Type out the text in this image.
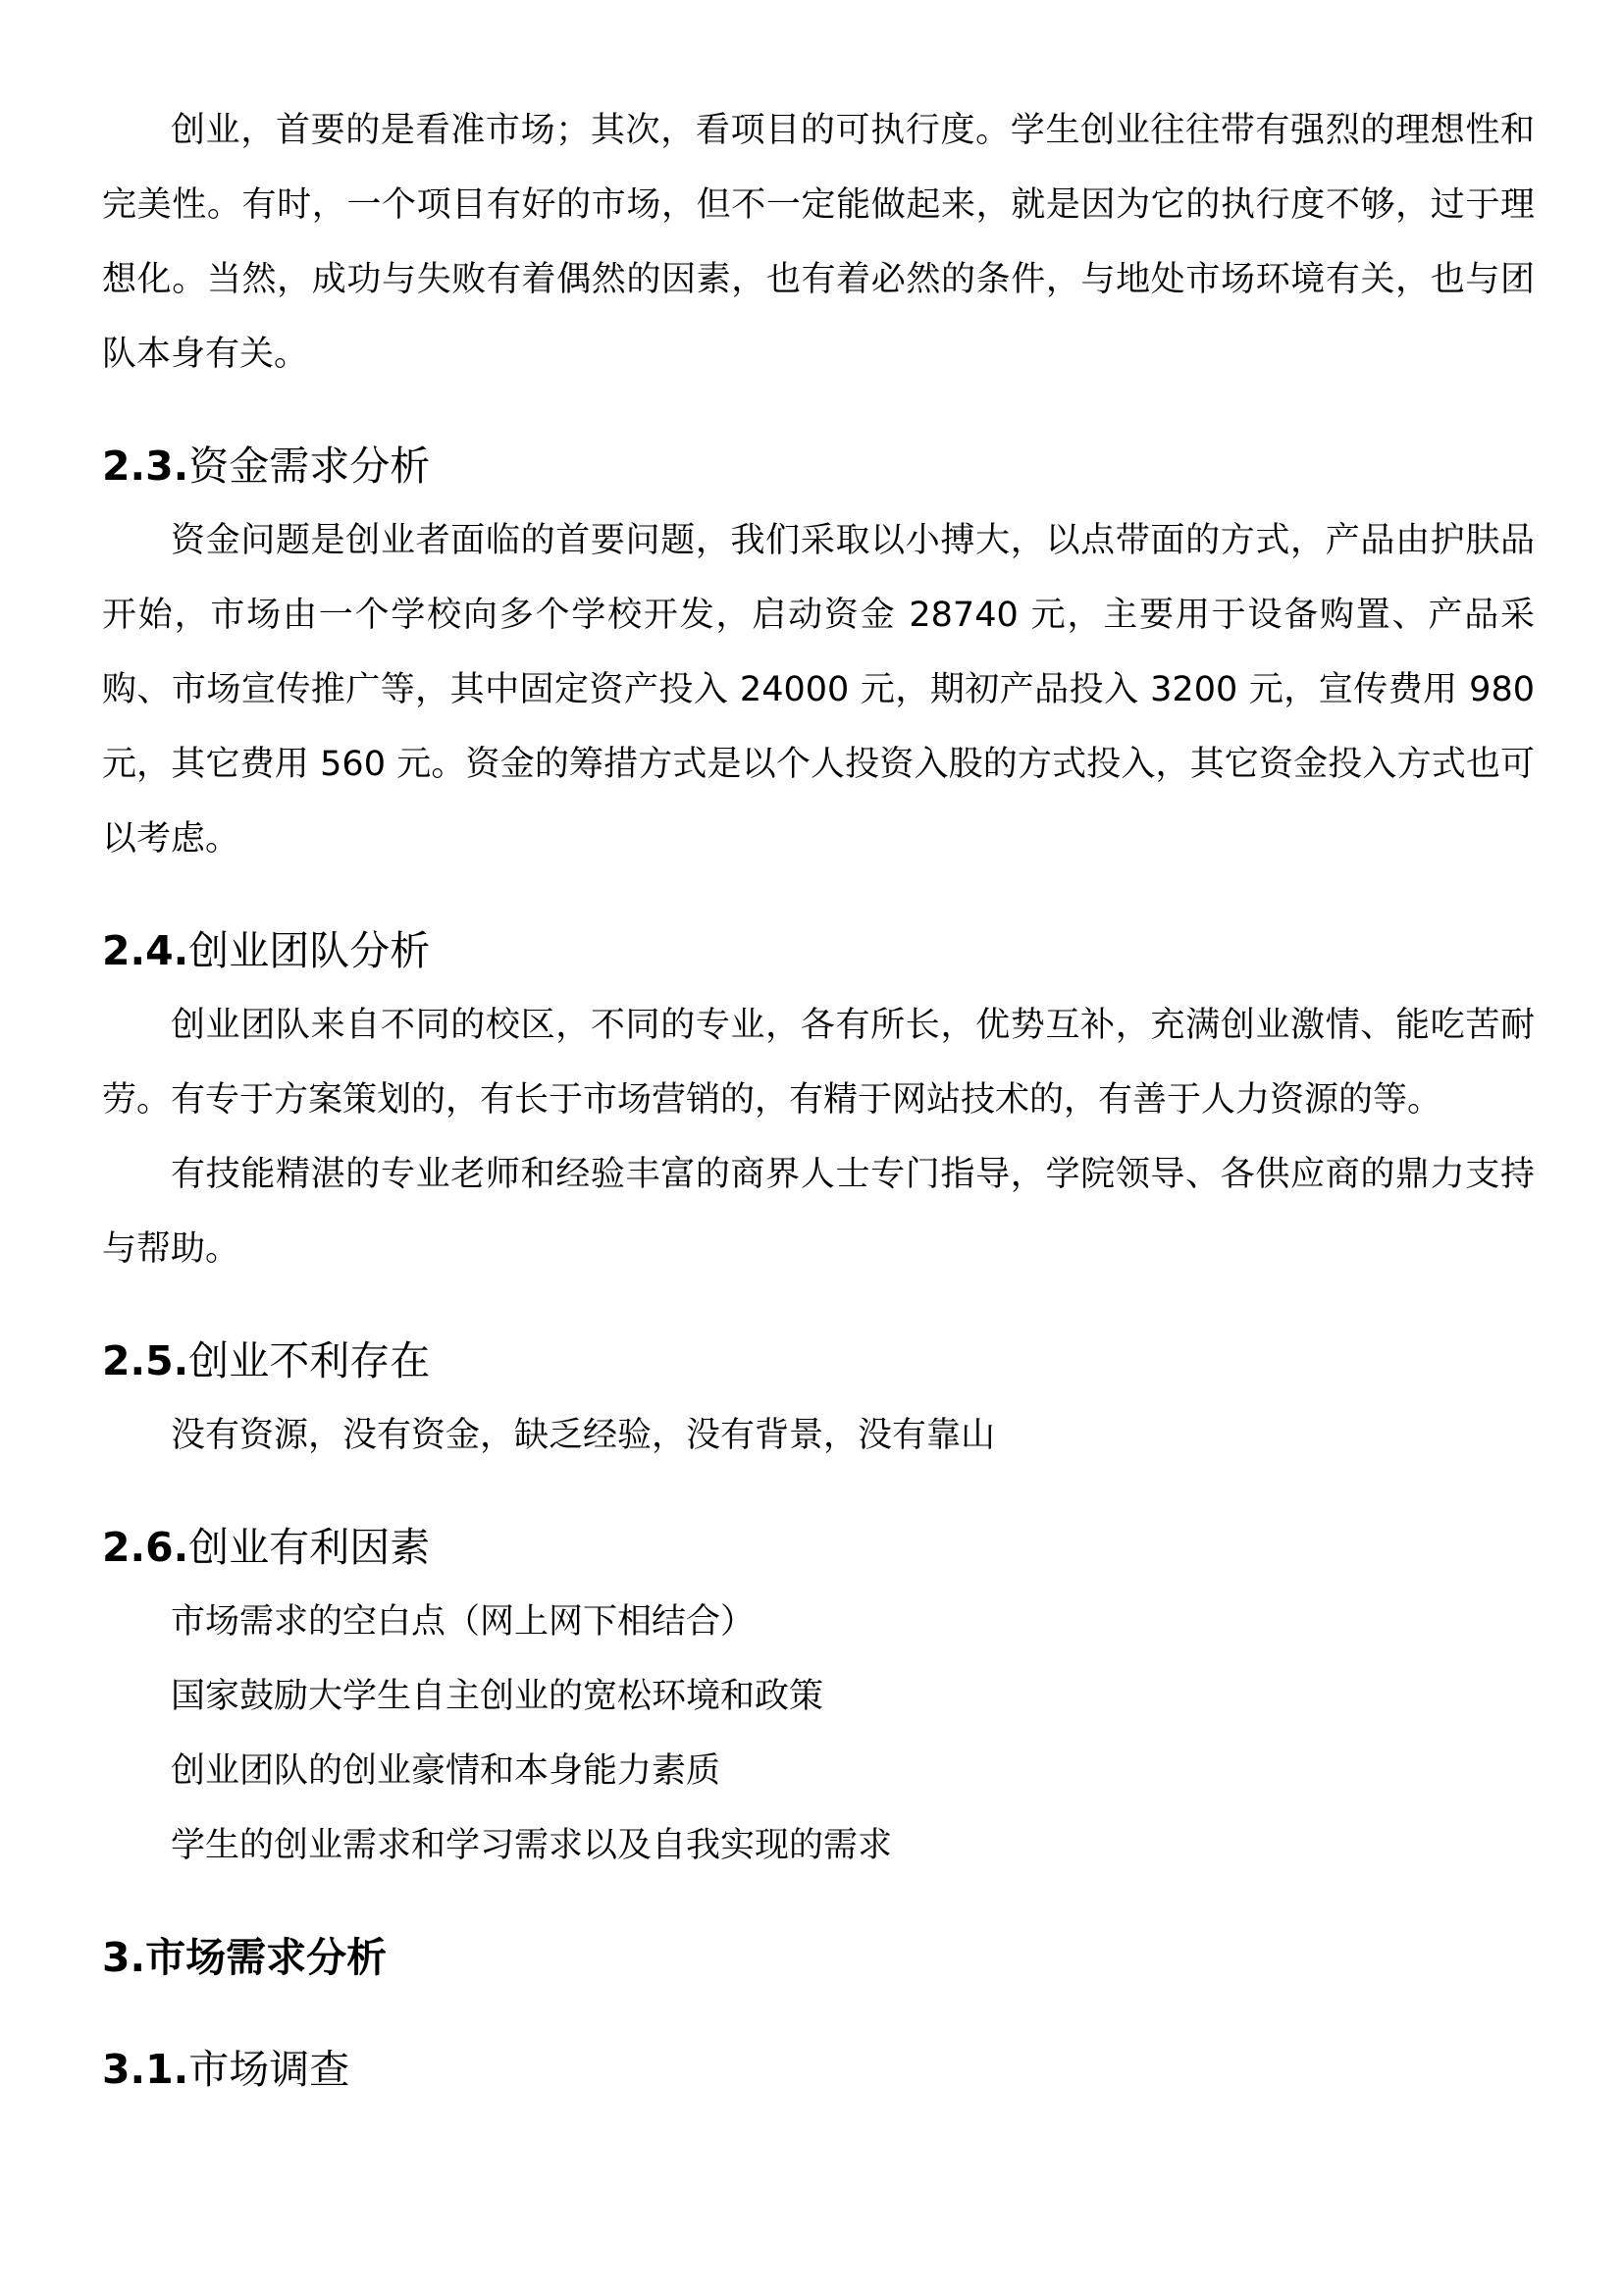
创业，首要的是看准市场；其次，看项目的可执行度。学生创业往往带有强烈的理想性和完美性。有时，一个项目有好的市场，但不一定能做起来，就是因为它的执行度不够，过于理想化。当然，成功与失败有着偶然的因素，也有着必然的条件，与地处市场环境有关，也与团队本身有关。

2.3.资金需求分析

资金问题是创业者面临的首要问题，我们采取以小搏大，以点带面的方式，产品由护肤品开始，市场由一个学校向多个学校开发，启动资金 28740 元，主要用于设备购置、产品采购、市场宣传推广等，其中固定资产投入 24000 元，期初产品投入 3200 元，宣传费用 980 元，其它费用 560 元。资金的筹措方式是以个人投资入股的方式投入，其它资金投入方式也可以考虑。

2.4.创业团队分析

创业团队来自不同的校区，不同的专业，各有所长，优势互补，充满创业激情、能吃苦耐劳。有专于方案策划的，有长于市场营销的，有精于网站技术的，有善于人力资源的等。

有技能精湛的专业老师和经验丰富的商界人士专门指导，学院领导、各供应商的鼎力支持与帮助。

2.5.创业不利存在

没有资源，没有资金，缺乏经验，没有背景，没有靠山

2.6.创业有利因素

市场需求的空白点（网上网下相结合）

国家鼓励大学生自主创业的宽松环境和政策

创业团队的创业豪情和本身能力素质

学生的创业需求和学习需求以及自我实现的需求

3.市场需求分析
3.1.市场调查
